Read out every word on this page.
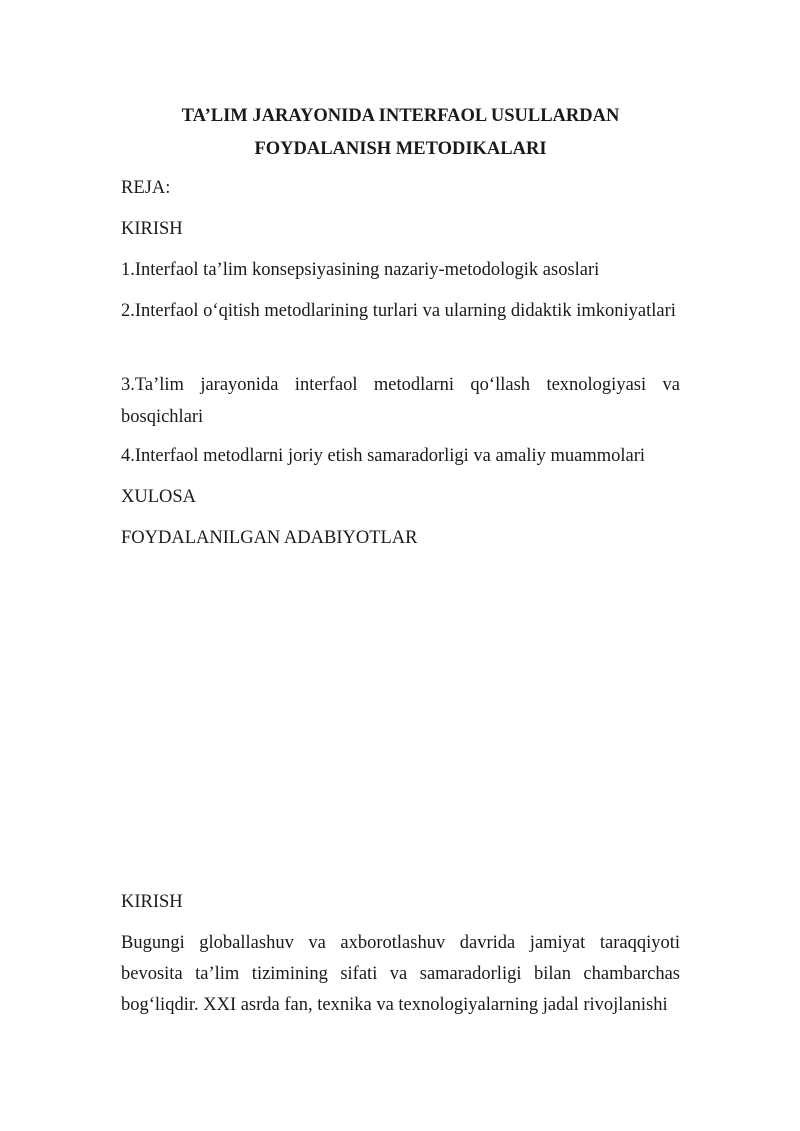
TA’LIM JARAYONIDA INTERFAOL USULLARDAN
FOYDALANISH METODIKALARI

REJA:

KIRISH

1.Interfaol ta’lim konsepsiyasining nazariy-metodologik asoslari

2.Interfaol o‘qitish metodlarining turlari va ularning didaktik imkoniyatlari

3.Ta’lim jarayonida interfaol metodlarni qo‘llash texnologiyasi va bosqichlari

4.Interfaol metodlarni joriy etish samaradorligi va amaliy muammolari

XULOSA

FOYDALANILGAN ADABIYOTLAR

KIRISH

Bugungi globallashuv va axborotlashuv davrida jamiyat taraqqiyoti bevosita ta’lim tizimining sifati va samaradorligi bilan chambarchas bog‘liqdir. XXI asrda fan, texnika va texnologiyalarning jadal rivojlanishi
